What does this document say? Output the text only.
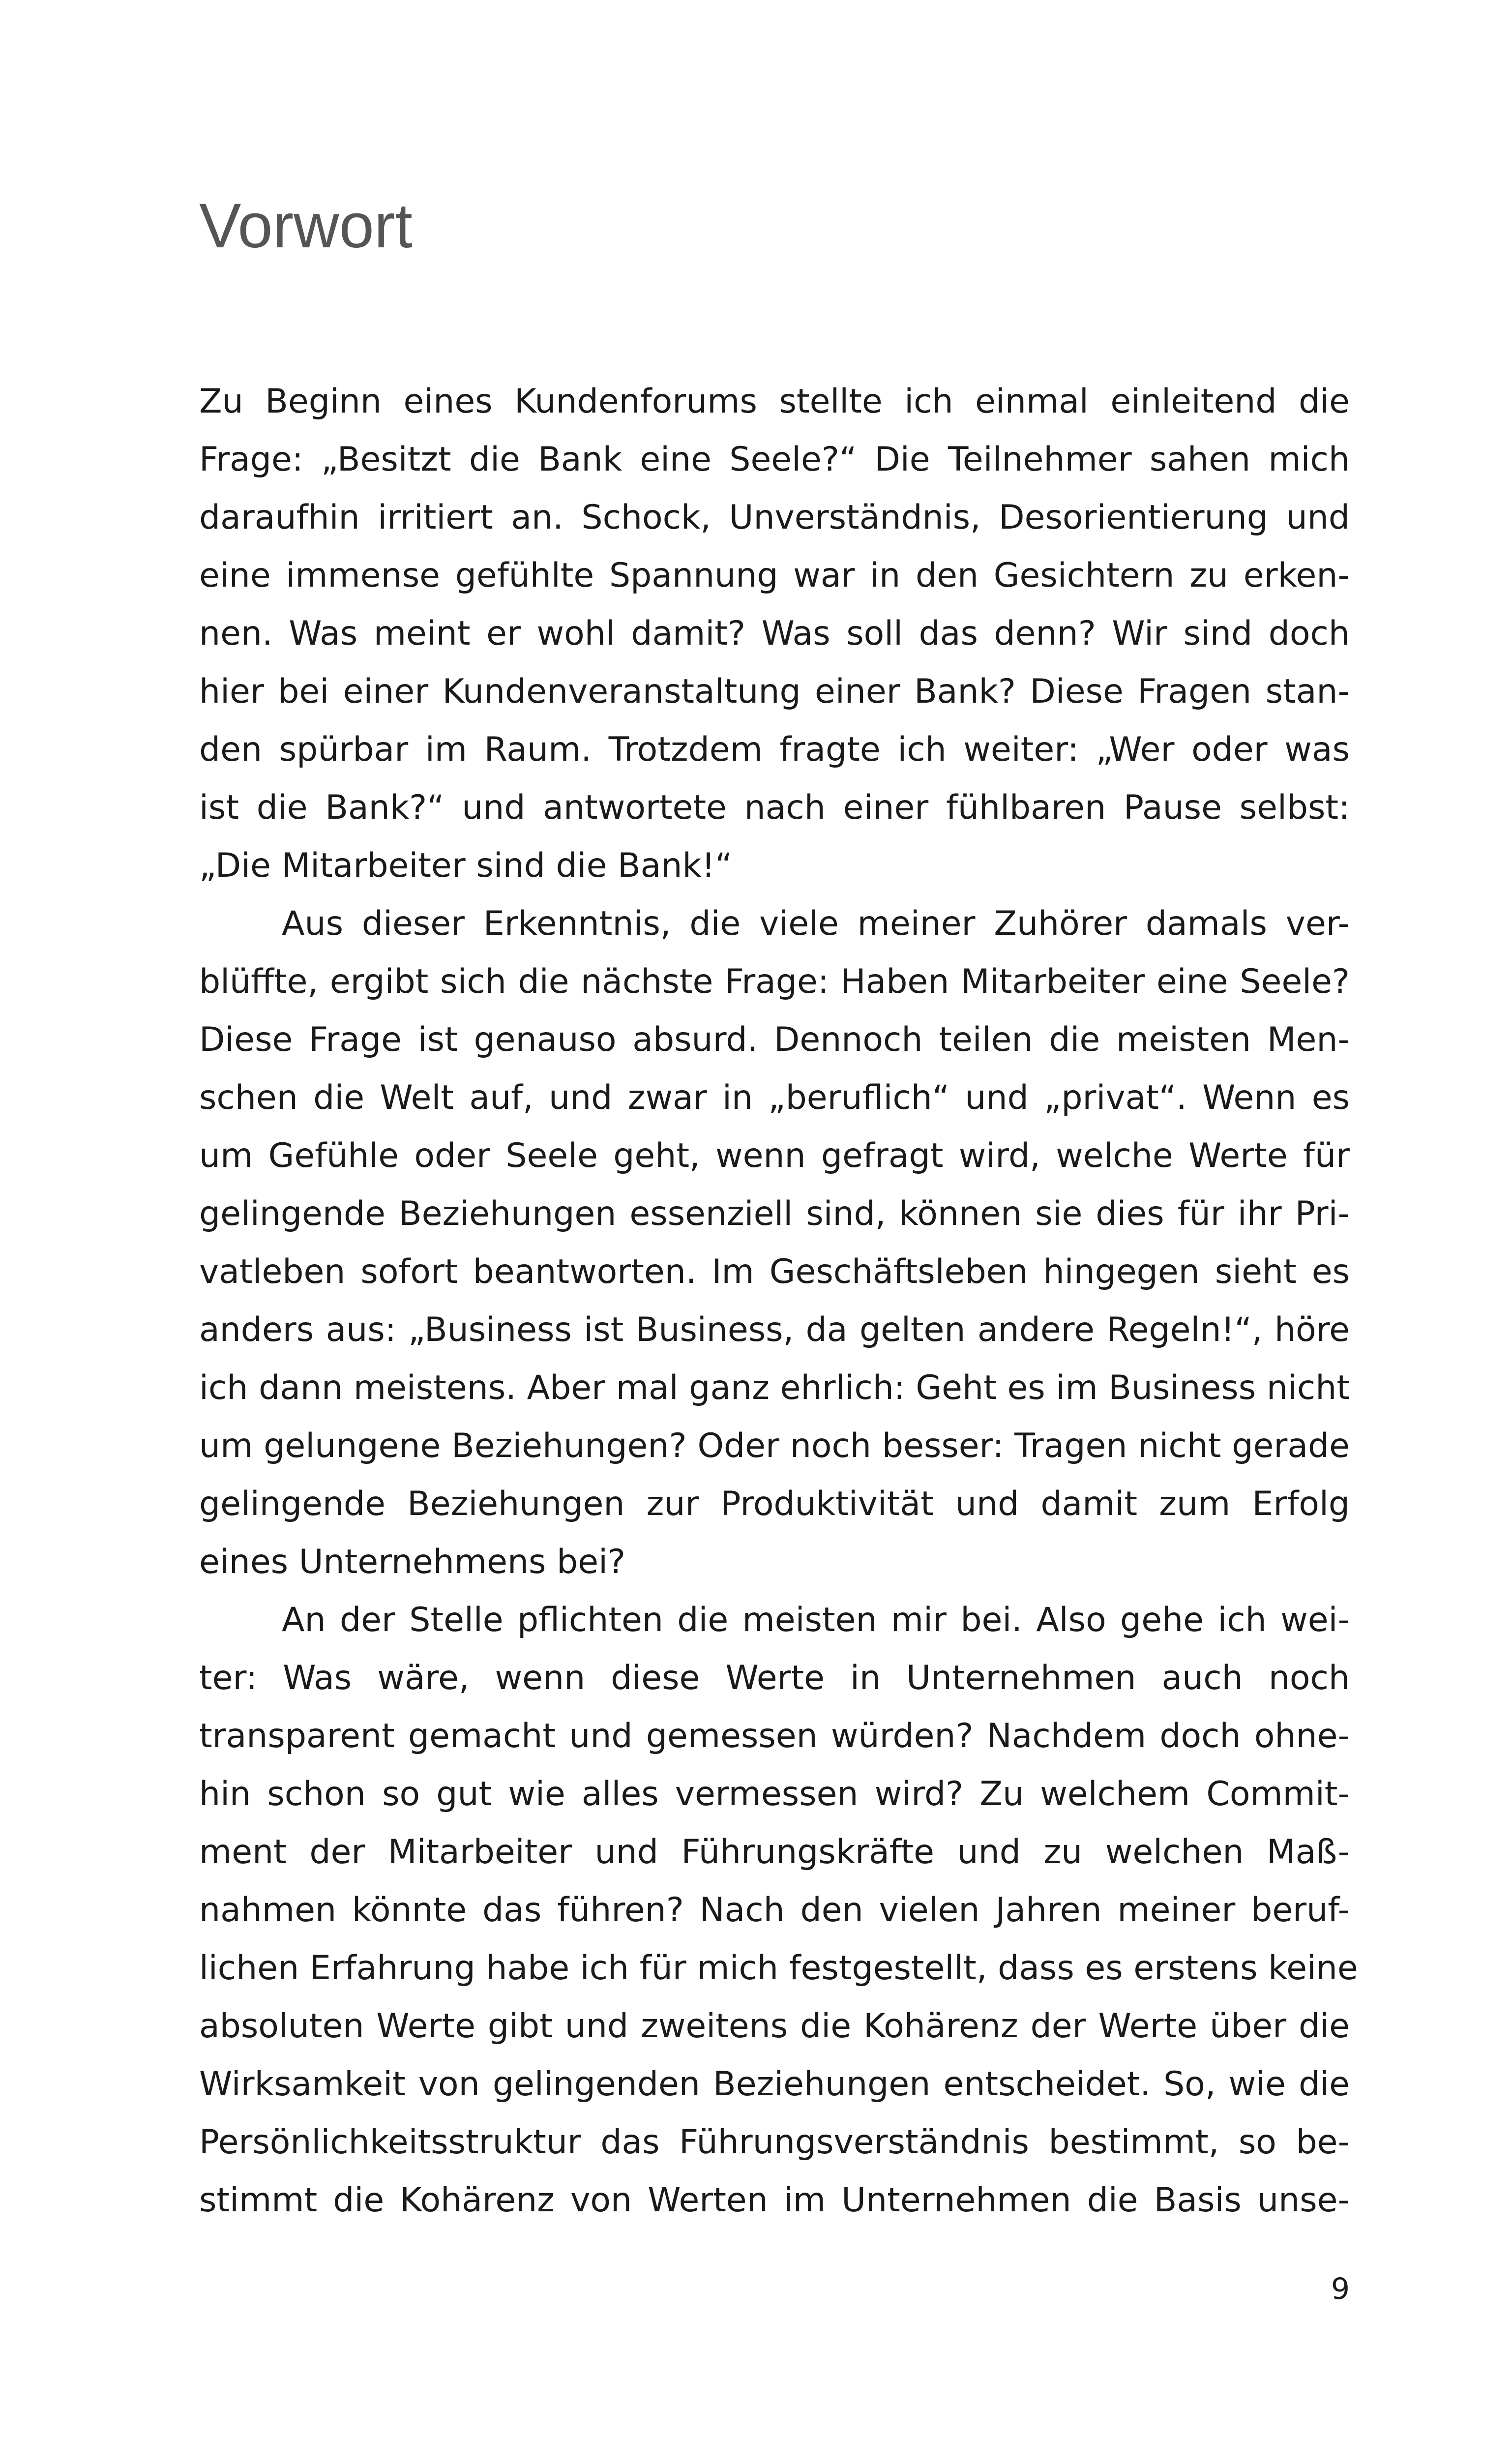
Vorwort
Zu Beginn eines Kundenforums stellte ich einmal einleitend die
Frage: „Besitzt die Bank eine Seele?“ Die Teilnehmer sahen mich
daraufhin irritiert an. Schock, Unverständnis, Desorientierung und
eine immense gefühlte Spannung war in den Gesichtern zu erken-
nen. Was meint er wohl damit? Was soll das denn? Wir sind doch
hier bei einer Kundenveranstaltung einer Bank? Diese Fragen stan-
den spürbar im Raum. Trotzdem fragte ich weiter: „Wer oder was
ist die Bank?“ und antwortete nach einer fühlbaren Pause selbst:
„Die Mitarbeiter sind die Bank!“
Aus dieser Erkenntnis, die viele meiner Zuhörer damals ver-
blüffte, ergibt sich die nächste Frage: Haben Mitarbeiter eine Seele?
Diese Frage ist genauso absurd. Dennoch teilen die meisten Men-
schen die Welt auf, und zwar in „beruflich“ und „privat“. Wenn es
um Gefühle oder Seele geht, wenn gefragt wird, welche Werte für
gelingende Beziehungen essenziell sind, können sie dies für ihr Pri-
vatleben sofort beantworten. Im Geschäftsleben hingegen sieht es
anders aus: „Business ist Business, da gelten andere Regeln!“, höre
ich dann meistens. Aber mal ganz ehrlich: Geht es im Business nicht
um gelungene Beziehungen? Oder noch besser: Tragen nicht gerade
gelingende Beziehungen zur Produktivität und damit zum Erfolg
eines Unternehmens bei?
An der Stelle pflichten die meisten mir bei. Also gehe ich wei-
ter: Was wäre, wenn diese Werte in Unternehmen auch noch
transparent gemacht und gemessen würden? Nachdem doch ohne-
hin schon so gut wie alles vermessen wird? Zu welchem Commit-
ment der Mitarbeiter und Führungskräfte und zu welchen Maß-
nahmen könnte das führen? Nach den vielen Jahren meiner beruf-
lichen Erfahrung habe ich für mich festgestellt, dass es erstens keine
absoluten Werte gibt und zweitens die Kohärenz der Werte über die
Wirksamkeit von gelingenden Beziehungen entscheidet. So, wie die
Persönlichkeitsstruktur das Führungsverständnis bestimmt, so be-
stimmt die Kohärenz von Werten im Unternehmen die Basis unse-
9
